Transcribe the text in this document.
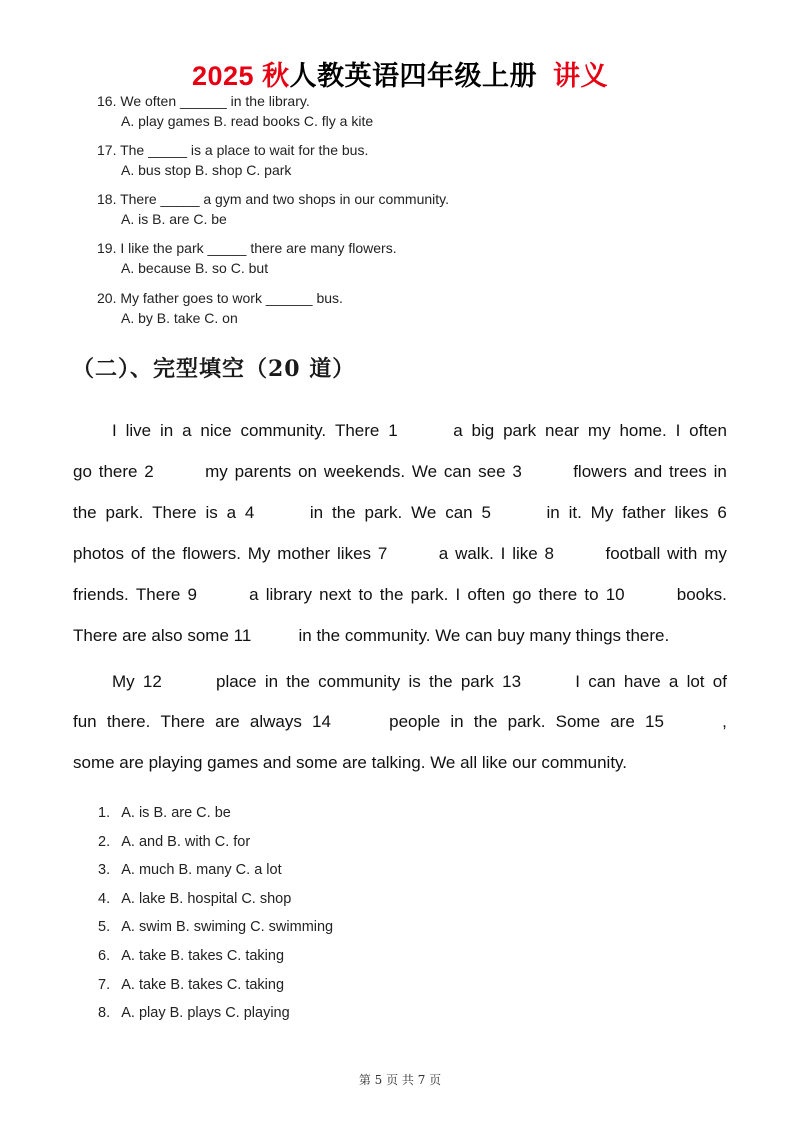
2025 秋人教英语四年级上册 讲义
16. We often ______ in the library.
A. play games B. read books C. fly a kite
17. The _____ is a place to wait for the bus.
A. bus stop B. shop C. park
18. There _____ a gym and two shops in our community.
A. is B. are C. be
19. I like the park _____ there are many flowers.
A. because B. so C. but
20. My father goes to work ______ bus.
A. by B. take C. on
（二）、完型填空（20 道）
I live in a nice community. There 1
	a big park near my home. I often
go there 2
	my parents on weekends. We can see 3
	flowers and trees in
the park. There is a 4
	in the park. We can 5
	in it. My father likes 6
photos of the flowers. My mother likes 7
	a walk. I like 8
	football with my
friends. There 9
	a library next to the park. I often go there to 10
	books.
There are also some 11          in the community. We can buy many things there.
My 12
	place in the community is the park 13
	I can have a lot of
fun there. There are always 14
	people in the park. Some are 15
	,
some are playing games and some are talking. We all like our community.
1. A. is B. are C. be
2. A. and B. with C. for
3. A. much B. many C. a lot
4. A. lake B. hospital C. shop
5. A. swim B. swiming C. swimming
6. A. take B. takes C. taking
7. A. take B. takes C. taking
8. A. play B. plays C. playing
第 5 页 共 7 页
